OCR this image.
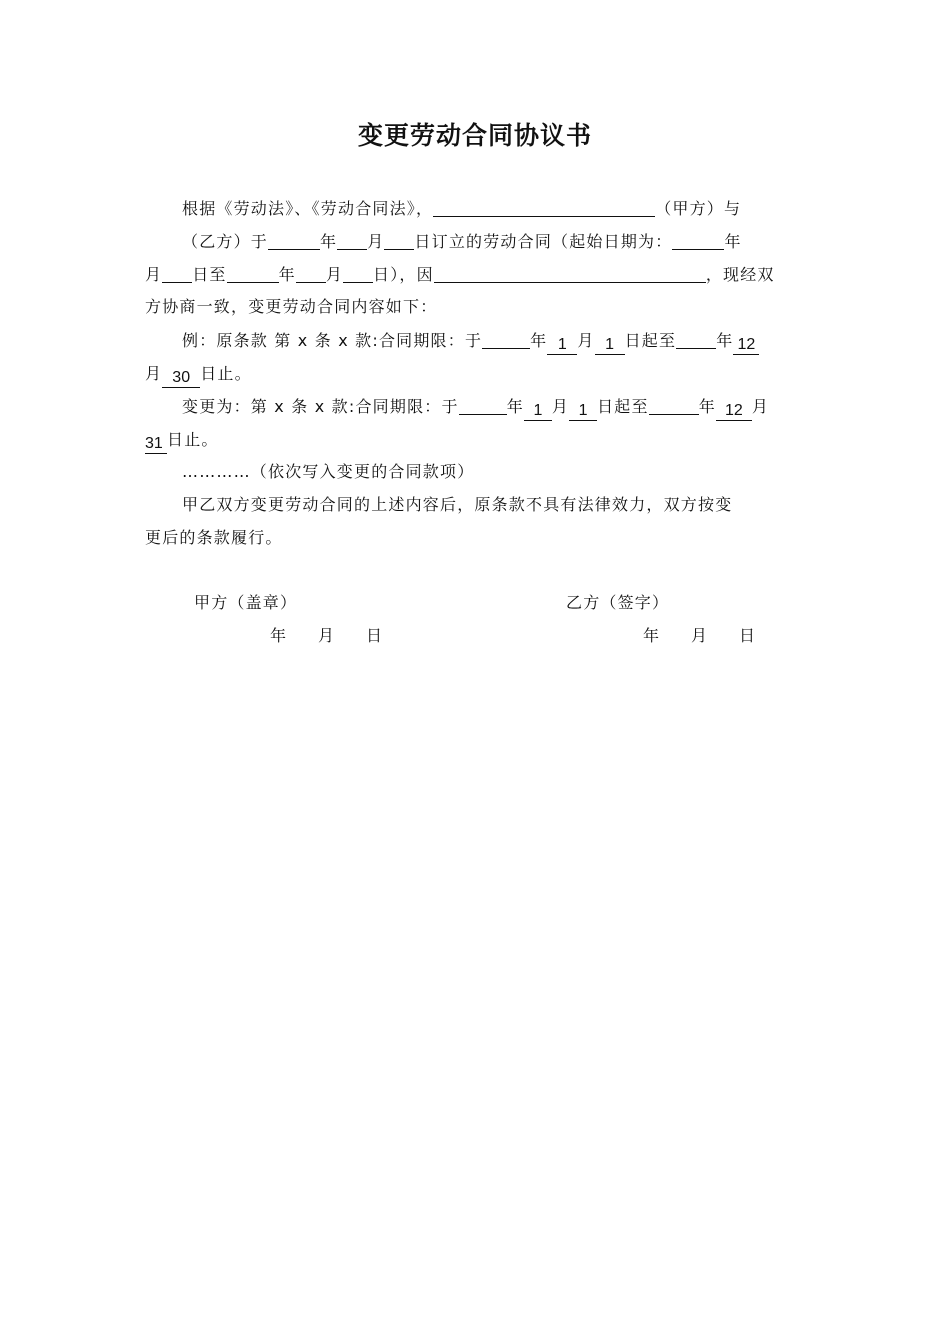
变更劳动合同协议书
根据《劳动法》、《劳动合同法》，	（甲方）与
（乙方）于	年 月 日订立的劳动合同（起始日期为：	年
月 日至	年 月 日），因	，现经双
方协商一致，变更劳动合同内容如下：
例：原条款 第 x 条 x 款:合同期限：于	年 1 月 1 日起至	年 12
月 30 日止。
变更为：第 x 条 x 款:合同期限：于	年 1 月 1 日起至	年 12 月
31 日止。
…………（依次写入变更的合同款项）
甲乙双方变更劳动合同的上述内容后，原条款不具有法律效力，双方按变
更后的条款履行。
甲方（盖章）	乙方（签字）
年 月 日	年 月 日
